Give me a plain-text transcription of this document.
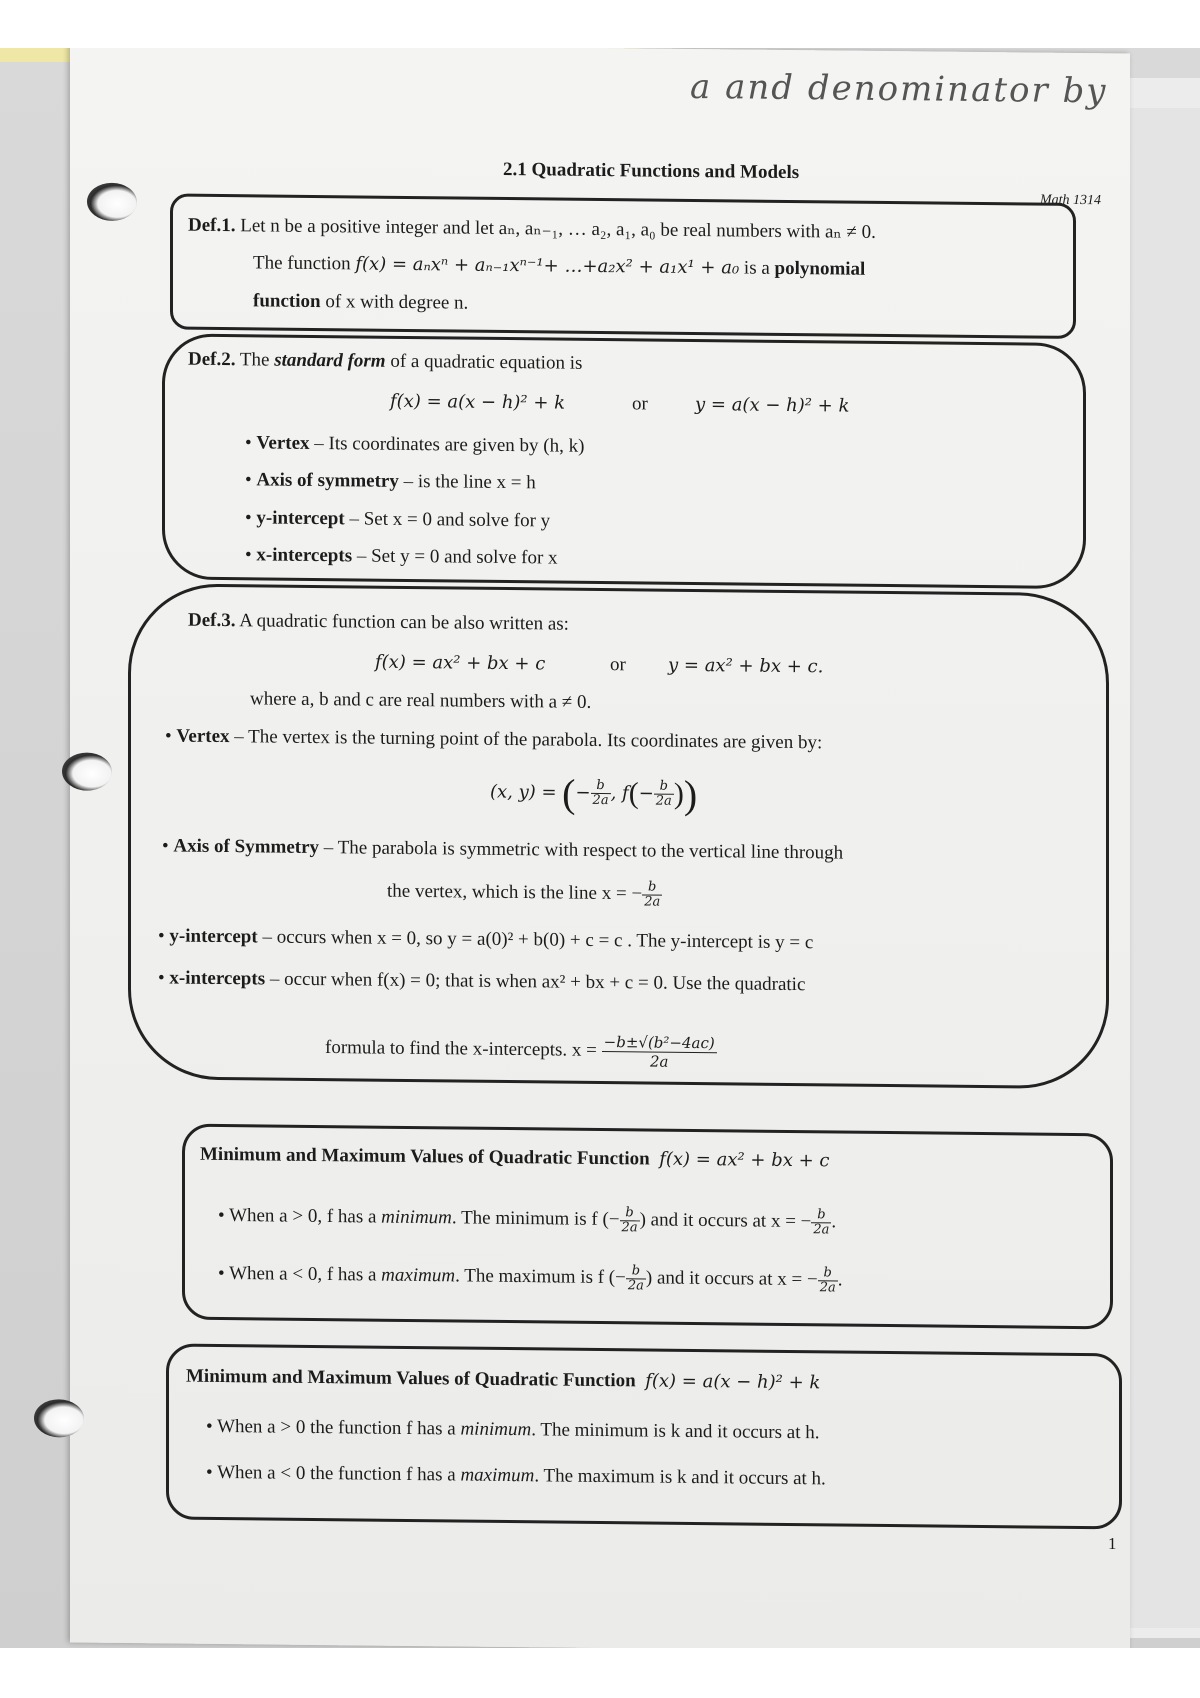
a and denominator by
2.1 Quadratic Functions and Models
Math 1314
Def.1. Let n be a positive integer and let aₙ, aₙ₋₁, … a₂, a₁, a₀ be real numbers with aₙ ≠ 0.
The function f(x) = aₙxⁿ + aₙ₋₁xⁿ⁻¹+ …+a₂x² + a₁x¹ + a₀ is a polynomial
function of x with degree n.
Def.2. The standard form of a quadratic equation is
f(x) = a(x − h)² + k	or	y = a(x − h)² + k
• Vertex – Its coordinates are given by (h, k)
• Axis of symmetry – is the line x = h
• y-intercept – Set x = 0 and solve for y
• x-intercepts – Set y = 0 and solve for x
Def.3. A quadratic function can be also written as:
f(x) = ax² + bx + c	or y = ax² + bx + c.
where a, b and c are real numbers with a ≠ 0.
• Vertex – The vertex is the turning point of the parabola. Its coordinates are given by:
(x, y) = (− $\frac{b}{2a}$ , $f(- \frac{b}{2a}$ ))
• Axis of Symmetry – The parabola is symmetric with respect to the vertical line through
the vertex, which is the line x = − $\frac{b}{2a}$
• y-intercept – occurs when x = 0, so y = a(0)² + b(0) + c = c . The y-intercept is y = c
• x-intercepts – occur when f(x) = 0; that is when ax² + bx + c = 0. Use the quadratic
formula to find the x-intercepts. $x = \frac{\text{−b±√(b²−4ac)}}{2a}$
Minimum and Maximum Values of Quadratic Function f(x) = ax² + bx + c
• When a > 0, f has a minimum. The minimum is f (− $\frac{b}{2a}$ ) and it occurs at x = − $\frac{b}{2a}$ .
• When a < 0, f has a maximum. The maximum is f (− $\frac{b}{2a}$ ) and it occurs at x = − $\frac{b}{2a}$ .
Minimum and Maximum Values of Quadratic Function f(x) = a(x − h)² + k
• When a > 0 the function f has a minimum. The minimum is k and it occurs at h.
• When a < 0 the function f has a maximum. The maximum is k and it occurs at h.
1
